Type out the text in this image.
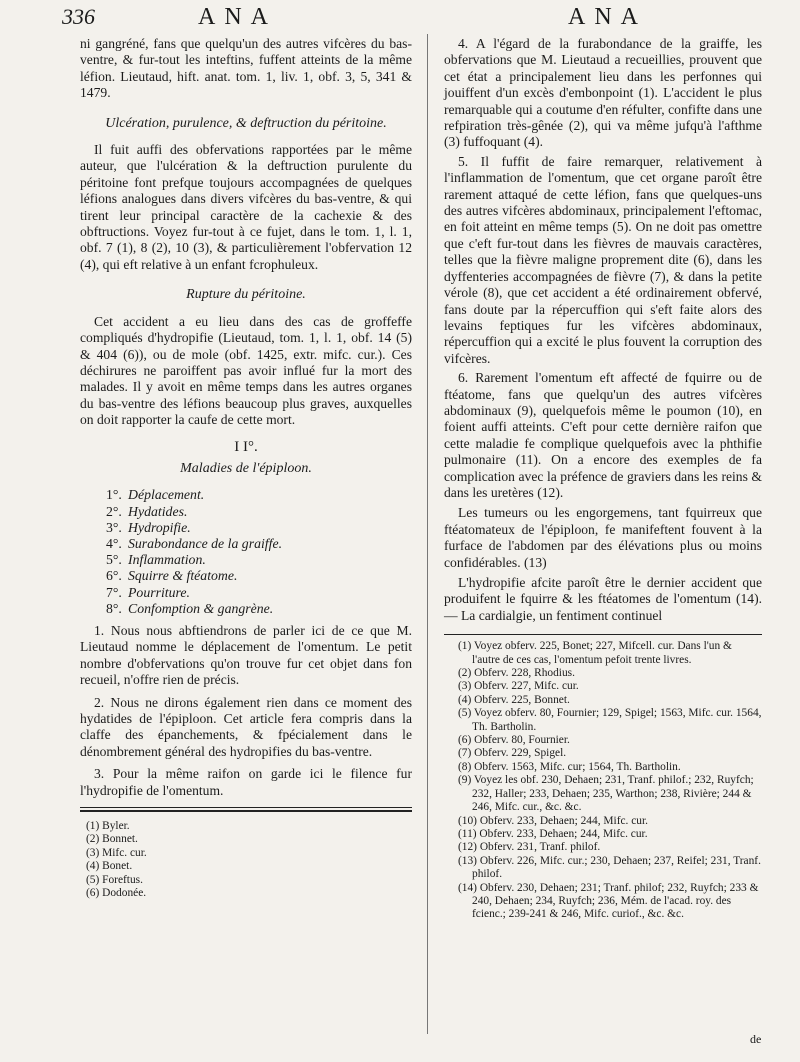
336	ANA	ANA

ni gangréné, fans que quelqu'un des autres vifcères du bas-ventre, & fur-tout les inteftins, fuffent atteints de la même léfion. Lieutaud, hift. anat. tom. 1, liv. 1, obf. 3, 5, 341 & 1479.

Ulcération, purulence, & deftruction du péritoine.

Il fuit auffi des obfervations rapportées par le même auteur, que l'ulcération & la deftruction purulente du péritoine font prefque toujours accompagnées de quelques léfions analogues dans divers vifcères du bas-ventre, & qui tirent leur principal caractère de la cachexie & des obftructions. Voyez fur-tout à ce fujet, dans le tom. 1, l. 1, obf. 7 (1), 8 (2), 10 (3), & particulièrement l'obfervation 12 (4), qui eft relative à un enfant fcrophuleux.

Rupture du péritoine.

Cet accident a eu lieu dans des cas de groffeffe compliqués d'hydropifie (Lieutaud, tom. 1, l. 1, obf. 14 (5) & 404 (6)), ou de mole (obf. 1425, extr. mifc. cur.). Ces déchirures ne paroiffent pas avoir influé fur la mort des malades. Il y avoit en même temps dans les autres organes du bas-ventre des léfions beaucoup plus graves, auxquelles on doit rapporter la caufe de cette mort.

I I°.
Maladies de l'épiploon.
1°. Déplacement.
2°. Hydatides.
3°. Hydropifie.
4°. Surabondance de la graiffe.
5°. Inflammation.
6°. Squirre & ftéatome.
7°. Pourriture.
8°. Confomption & gangrène.

1. Nous nous abftiendrons de parler ici de ce que M. Lieutaud nomme le déplacement de l'omentum. Le petit nombre d'obfervations qu'on trouve fur cet objet dans fon recueil, n'offre rien de précis.

2. Nous ne dirons également rien dans ce moment des hydatides de l'épiploon. Cet article fera compris dans la claffe des épanchements, & fpécialement dans le dénombrement général des hydropifies du bas-ventre.

3. Pour la même raifon on garde ici le filence fur l'hydropifie de l'omentum.

(1) Byler.
(2) Bonnet.
(3) Mifc. cur.
(4) Bonet.
(5) Foreftus.
(6) Dodonée.

4. A l'égard de la furabondance de la graiffe, les obfervations que M. Lieutaud a recueillies, prouvent que cet état a principalement lieu dans les perfonnes qui jouiffent d'un excès d'embonpoint (1). L'accident le plus remarquable qui a coutume d'en réfulter, confifte dans une refpiration très-gênée (2), qui va même jufqu'à l'afthme (3) fuffoquant (4).

5. Il fuffit de faire remarquer, relativement à l'inflammation de l'omentum, que cet organe paroît être rarement attaqué de cette léfion, fans que quelques-uns des autres vifcères abdominaux, principalement l'eftomac, en foit atteint en même temps (5). On ne doit pas omettre que c'eft fur-tout dans les fièvres de mauvais caractères, telles que la fièvre maligne proprement dite (6), dans les dyffenteries accompagnées de fièvre (7), & dans la petite vérole (8), que cet accident a été ordinairement obfervé, fans doute par la répercuffion qui s'eft faite alors des levains feptiques fur les vifcères abdominaux, répercuffion qui a excité le plus fouvent la corruption des vifcères.

6. Rarement l'omentum eft affecté de fquirre ou de ftéatome, fans que quelqu'un des autres vifcères abdominaux (9), quelquefois même le poumon (10), en foient auffi atteints. C'eft pour cette dernière raifon que cette maladie fe complique quelquefois avec la phthifie pulmonaire (11). On a encore des exemples de fa complication avec la préfence de graviers dans les reins & dans les uretères (12).

Les tumeurs ou les engorgemens, tant fquirreux que ftéatomateux de l'épiploon, fe manifeftent fouvent à la furface de l'abdomen par des élévations plus ou moins confidérables. (13)

L'hydropifie afcite paroît être le dernier accident que produifent le fquirre & les ftéatomes de l'omentum (14). — La cardialgie, un fentiment continuel

(1) Voyez obferv. 225, Bonet; 227, Mifcell. cur. Dans l'un & l'autre de ces cas, l'omentum pefoit trente livres.
(2) Obferv. 228, Rhodius.
(3) Obferv. 227, Mifc. cur.
(4) Obferv. 225, Bonnet.
(5) Voyez obferv. 80, Fournier; 129, Spigel; 1563, Mifc. cur. 1564, Th. Bartholin.
(6) Obferv. 80, Fournier.
(7) Obferv. 229, Spigel.
(8) Obferv. 1563, Mifc. cur; 1564, Th. Bartholin.
(9) Voyez les obf. 230, Dehaen; 231, Tranf. philof.; 232, Ruyfch; 232, Haller; 233, Dehaen; 235, Warthon; 238, Rivière; 244 & 246, Mifc. cur., &c. &c.
(10) Obferv. 233, Dehaen; 244, Mifc. cur.
(11) Obferv. 233, Dehaen; 244, Mifc. cur.
(12) Obferv. 231, Tranf. philof.
(13) Obferv. 226, Mifc. cur.; 230, Dehaen; 237, Reifel; 231, Tranf. philof.
(14) Obferv. 230, Dehaen; 231; Tranf. philof; 232, Ruyfch; 233 & 240, Dehaen; 234, Ruyfch; 236, Mém. de l'acad. roy. des fcienc.; 239-241 & 246, Mifc. curiof., &c. &c.
de
